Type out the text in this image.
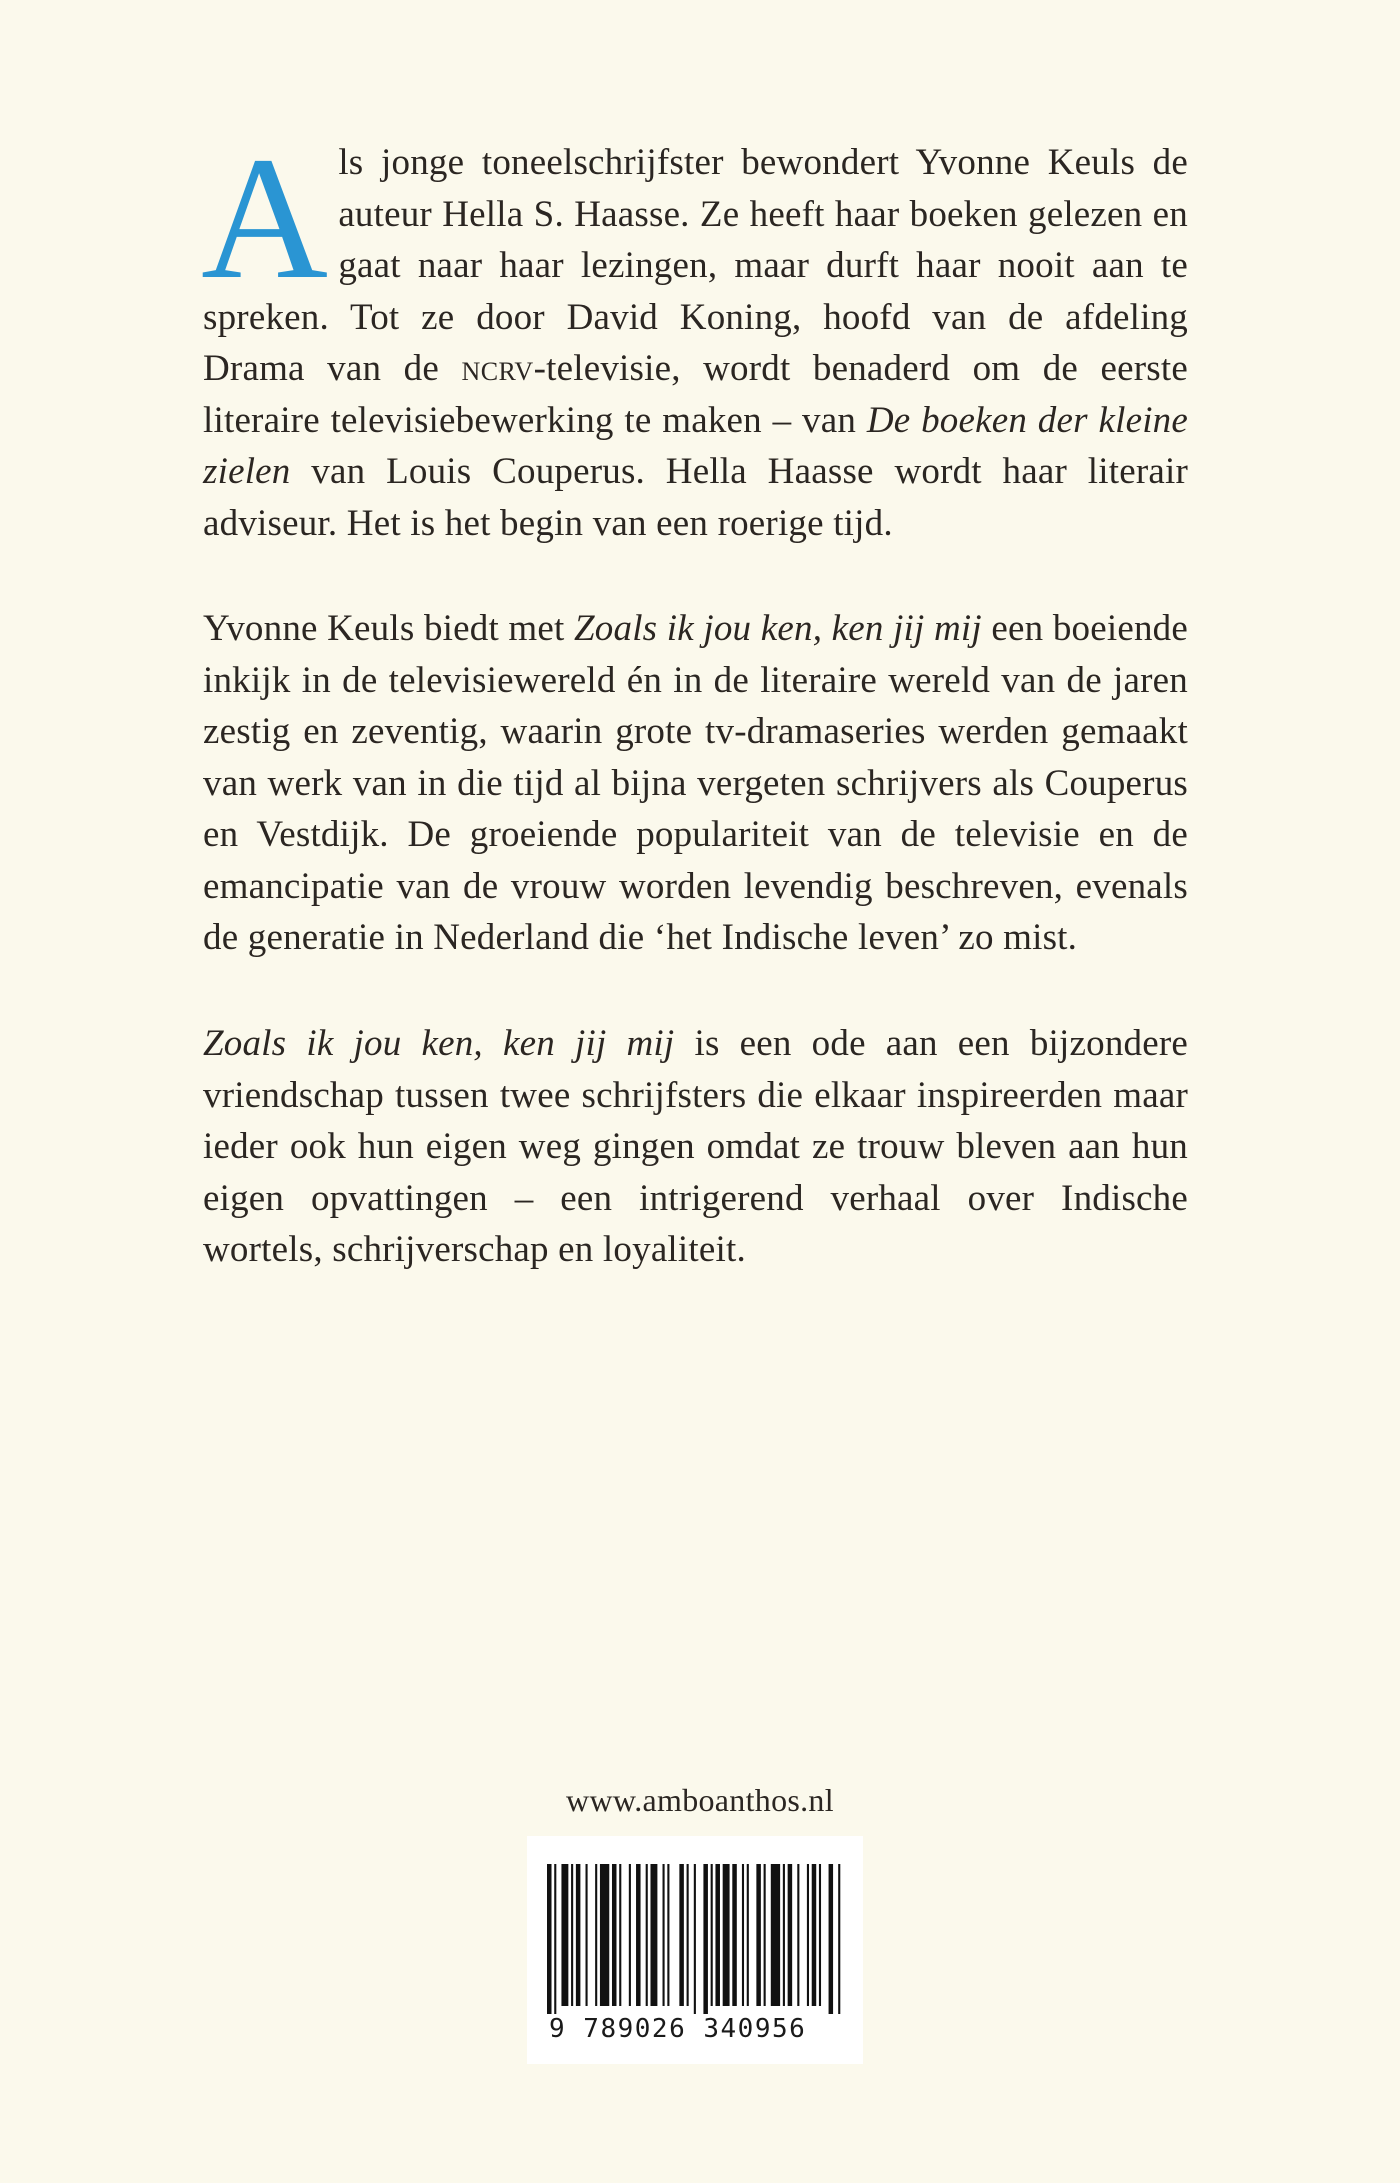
Als jonge toneelschrijfster bewondert Yvonne Keuls de auteur Hella S. Haasse. Ze heeft haar boeken gelezen en gaat naar haar lezingen, maar durft haar nooit aan te spreken. Tot ze door David Koning, hoofd van de afdeling Drama van de ncrv-televisie, wordt benaderd om de eerste literaire televisiebewerking te maken – van De boeken der kleine zielen van Louis Couperus. Hella Haasse wordt haar literair adviseur. Het is het begin van een roerige tijd.

Yvonne Keuls biedt met Zoals ik jou ken, ken jij mij een boeiende inkijk in de televisiewereld én in de literaire wereld van de jaren zestig en zeventig, waarin grote tv-dramaseries werden gemaakt van werk van in die tijd al bijna vergeten schrijvers als Couperus en Vestdijk. De groeiende populariteit van de televisie en de emancipatie van de vrouw worden levendig beschreven, evenals de generatie in Nederland die ‘het Indische leven’ zo mist.

Zoals ik jou ken, ken jij mij is een ode aan een bijzondere vriendschap tussen twee schrijfsters die elkaar inspireerden maar ieder ook hun eigen weg gingen omdat ze trouw bleven aan hun eigen opvattingen – een intrigerend verhaal over Indische wortels, schrijverschap en loyaliteit.

www.amboanthos.nl
9 789026 340956
